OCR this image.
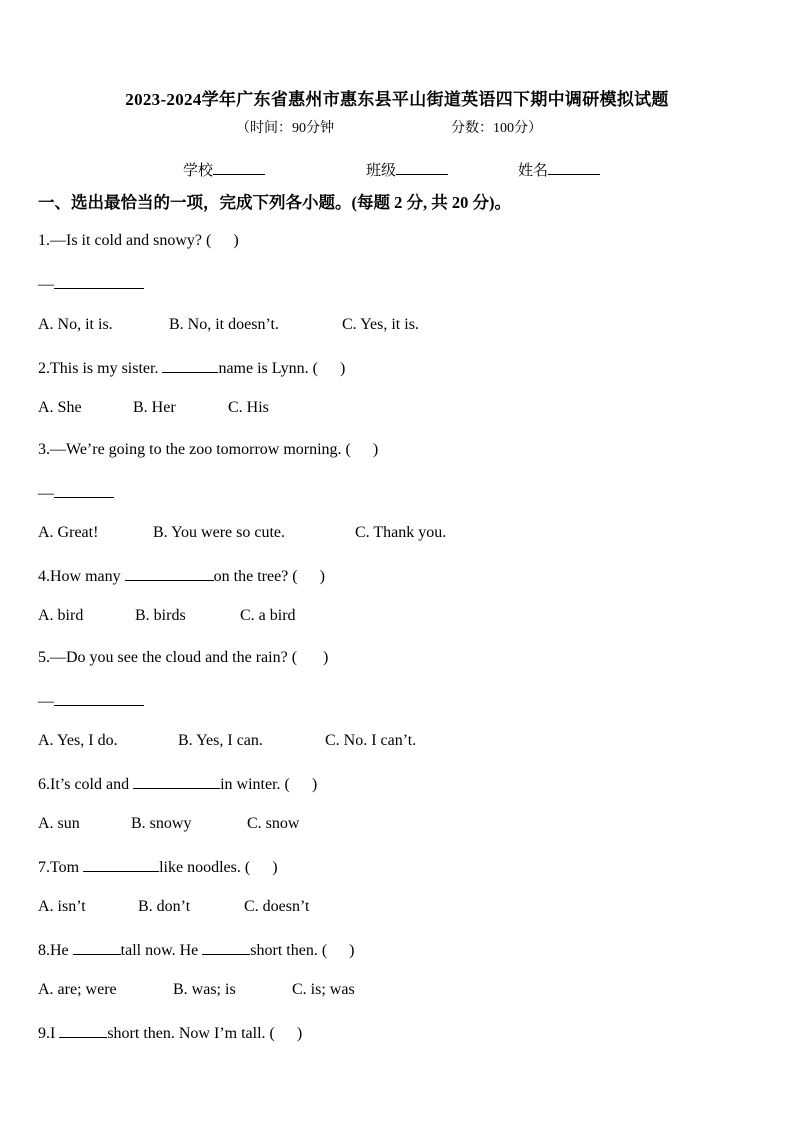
2023-2024学年广东省惠州市惠东县平山街道英语四下期中调研模拟试题
（时间：90分钟	分数：100分）
学校	班级	姓名
一、选出最恰当的一项，完成下列各小题。(每题 2 分, 共 20 分)。
1.—Is it cold and snowy? ( )
—
A. No, it is.	B. No, it doesn’t.	C. Yes, it is.
2.This is my sister.	name is Lynn. ( )
A. She	B. Her	C. His
3.—We’re going to the zoo tomorrow morning. ( )
—
A. Great!	B. You were so cute.	C. Thank you.
4.How many	on the tree? ( )
A. bird	B. birds	C. a bird
5.—Do you see the cloud and the rain? ( )
—
A. Yes, I do.	B. Yes, I can.	C. No. I can’t.
6.It’s cold and	in winter. ( )
A. sun	B. snowy	C. snow
7.Tom	like noodles. ( )
A. isn’t	B. don’t	C. doesn’t
8.He	tall now. He	short then. ( )
A. are; were	B. was; is	C. is; was
9.I	short then. Now I’m tall. ( )
